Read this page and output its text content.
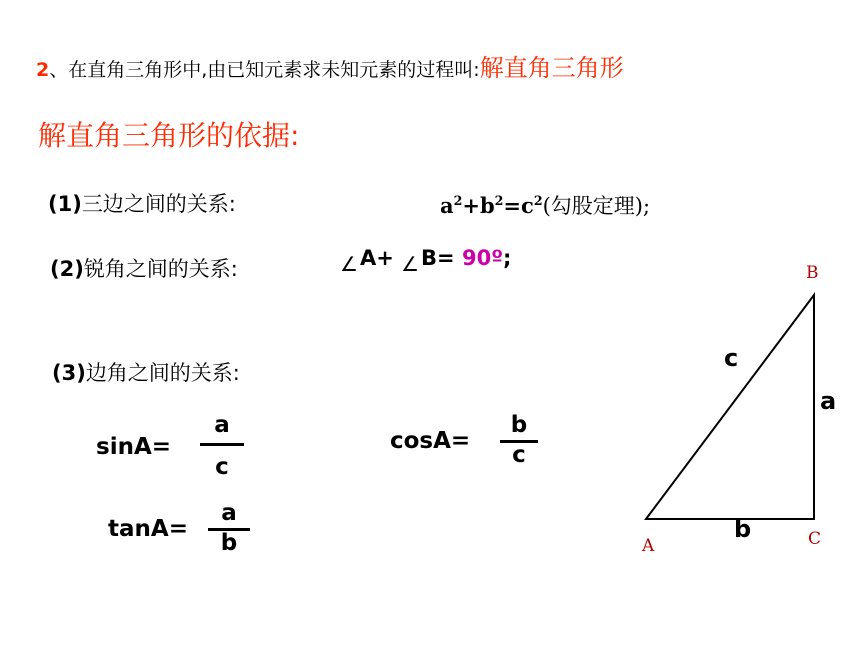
2、在直角三角形中,由已知元素求未知元素的过程叫:解直角三角形
解直角三角形的依据:
(1)三边之间的关系:	$a^2+b^2=c^2$(勾股定理);
(2)锐角之间的关系:	∠A+ ∠B= 90º;
(3)边角之间的关系:
sinA=
a
c
cosA=
b
c
tanA=
a
b
B
A	C
c
a
b
